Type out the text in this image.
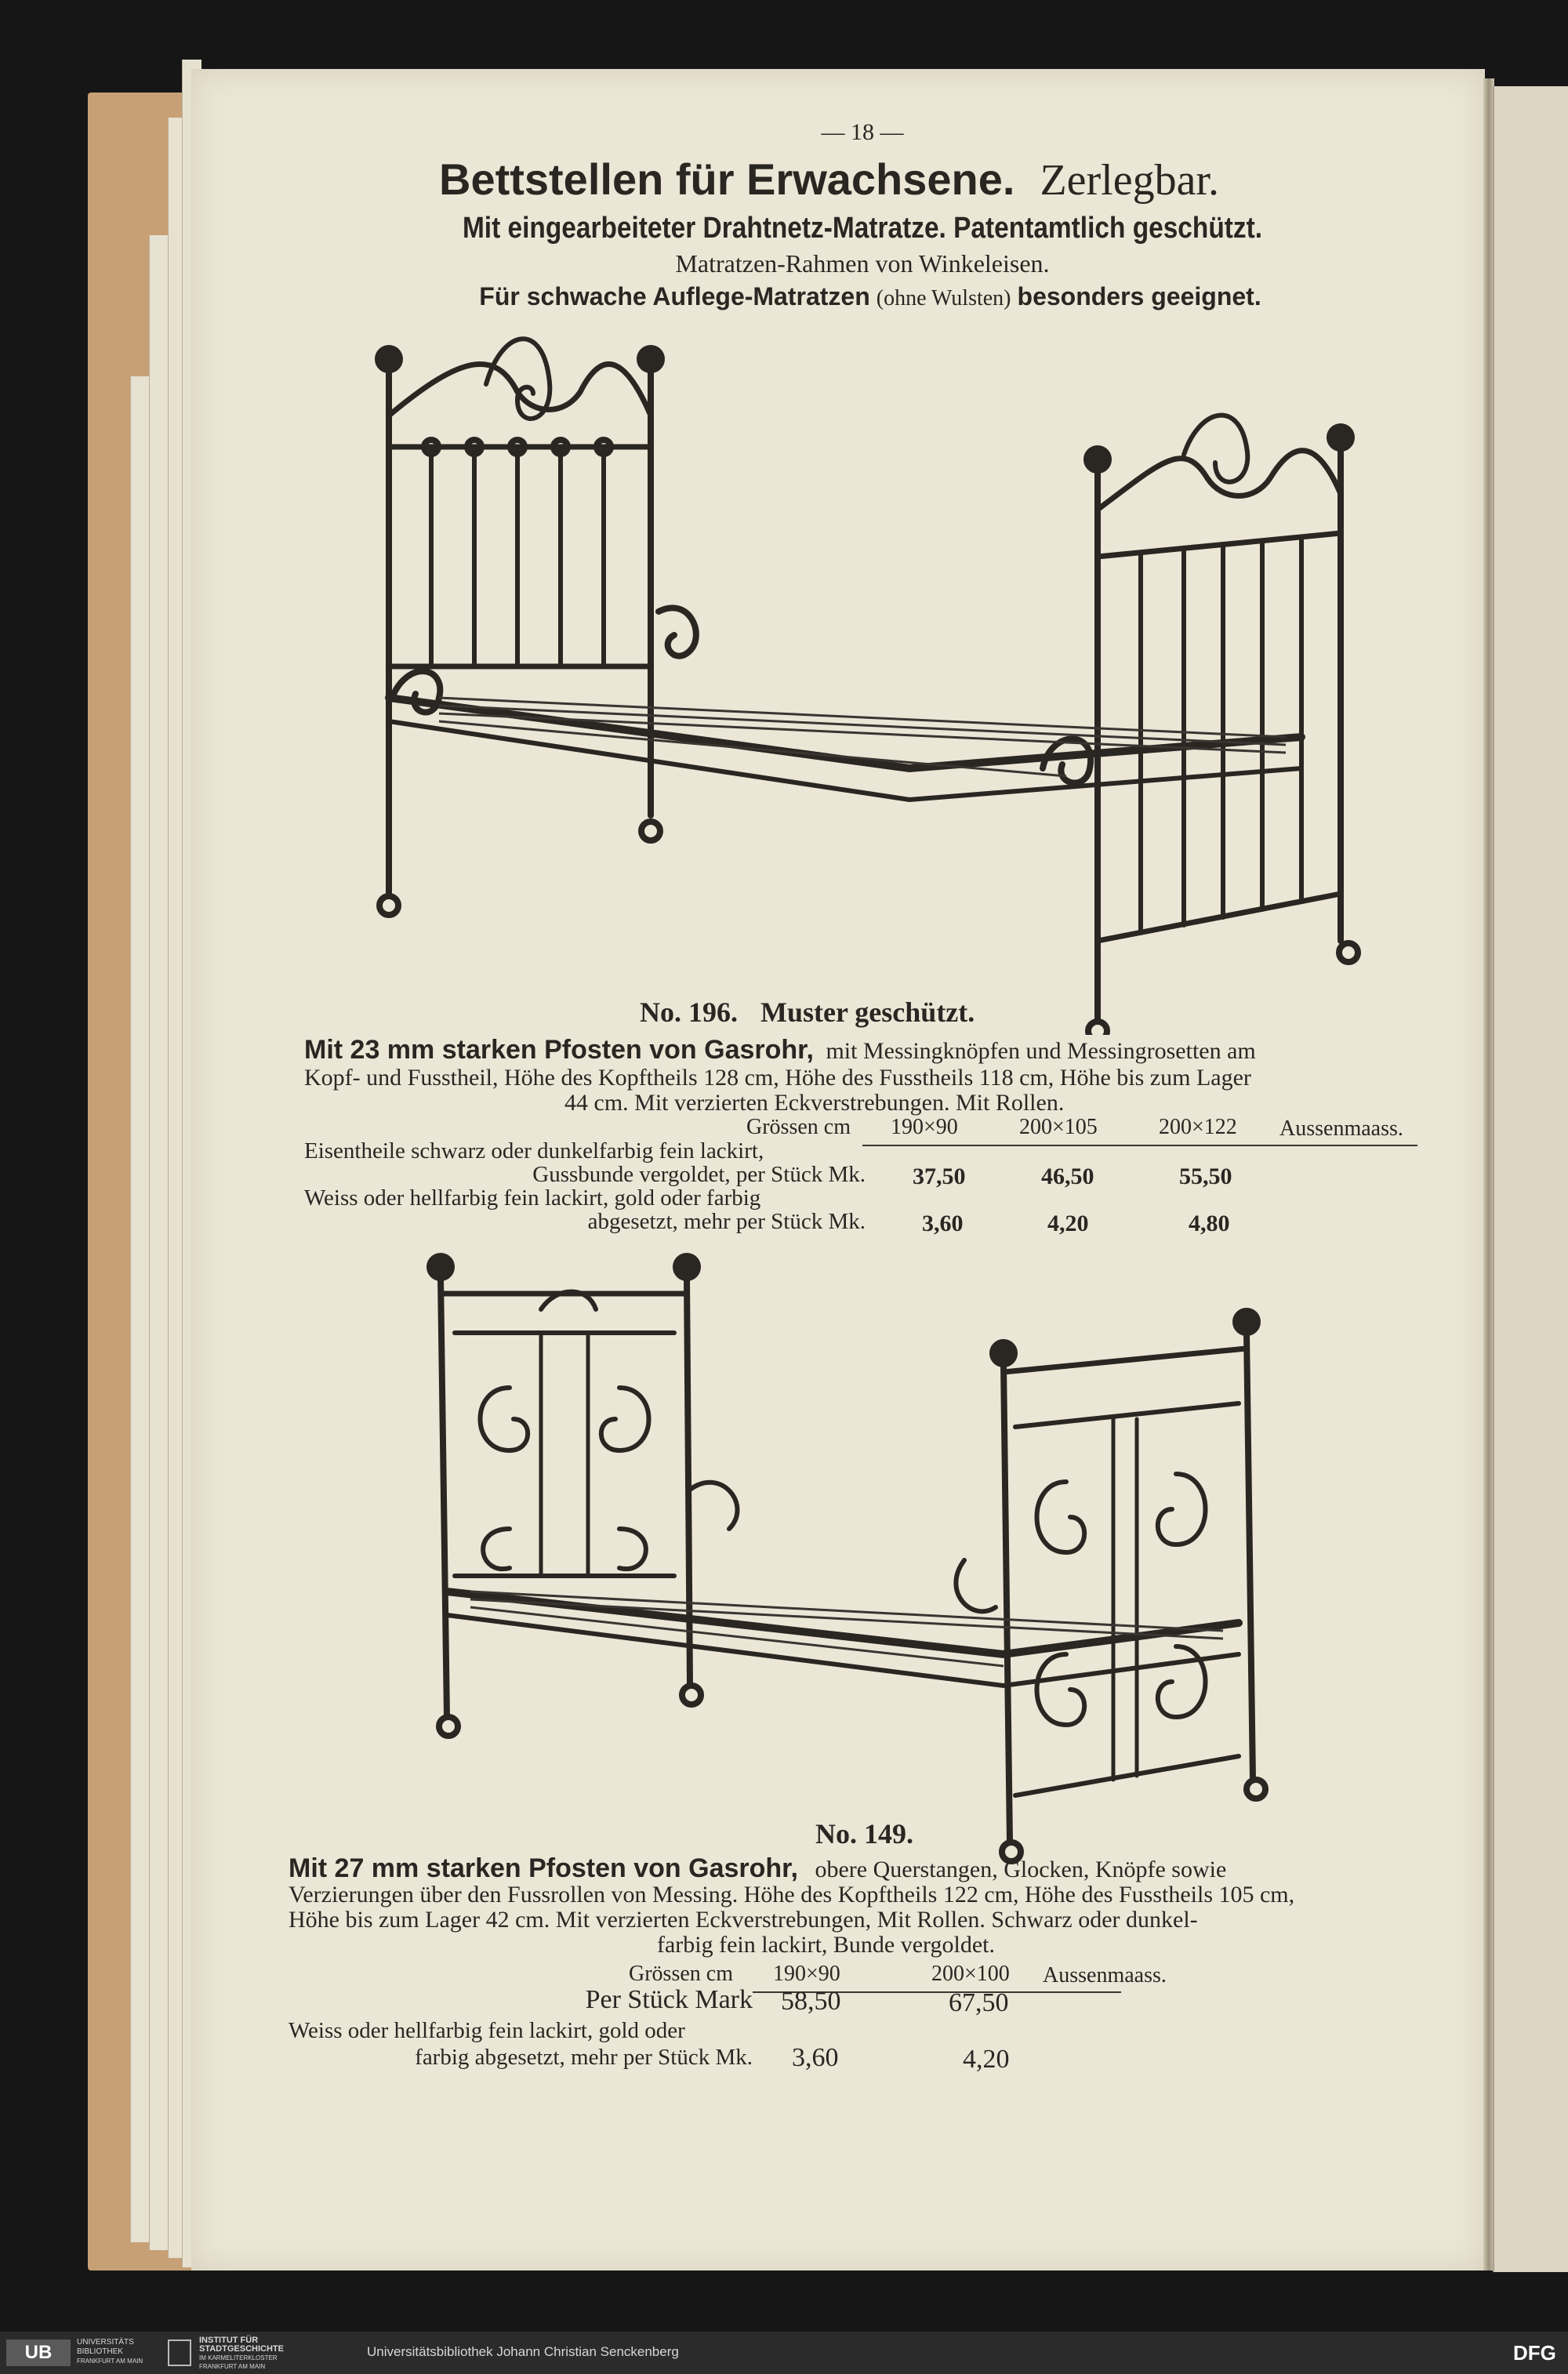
— 18 —
Bettstellen für Erwachsene. Zerlegbar.
Mit eingearbeiteter Drahtnetz-Matratze. Patentamtlich geschützt.
Matratzen-Rahmen von Winkeleisen.
Für schwache Auflege-Matratzen (ohne Wulsten) besonders geeignet.
No. 196. Muster geschützt.
Mit 23 mm starken Pfosten von Gasrohr, mit Messingknöpfen und Messingrosetten am
Kopf- und Fusstheil, Höhe des Kopftheils 128 cm, Höhe des Fusstheils 118 cm, Höhe bis zum Lager
44 cm. Mit verzierten Eckverstrebungen. Mit Rollen.
Grössen cm 190×90	200×105	200×122 Aussenmaass.
Eisentheile schwarz oder dunkelfarbig fein lackirt,
Gussbunde vergoldet, per Stück Mk. 37,50	46,50	55,50
Weiss oder hellfarbig fein lackirt, gold oder farbig
abgesetzt, mehr per Stück Mk. 3,60	4,20	4,80
No. 149.
Mit 27 mm starken Pfosten von Gasrohr, obere Querstangen, Glocken, Knöpfe sowie
Verzierungen über den Fussrollen von Messing. Höhe des Kopftheils 122 cm, Höhe des Fusstheils 105 cm,
Höhe bis zum Lager 42 cm. Mit verzierten Eckverstrebungen, Mit Rollen. Schwarz oder dunkel-
farbig fein lackirt, Bunde vergoldet.
Grössen cm 190×90	200×100 Aussenmaass.
Per Stück Mark 58,50	67,50
Weiss oder hellfarbig fein lackirt, gold oder
farbig abgesetzt, mehr per Stück Mk. 3,60	4,20
UB	UNIVERSITÄTS
BIBLIOTHEK
FRANKFURT AM MAIN
INSTITUT FÜR
STADTGESCHICHTE
IM KARMELITERKLOSTER
FRANKFURT AM MAIN
Universitätsbibliothek Johann Christian Senckenberg	DFG
